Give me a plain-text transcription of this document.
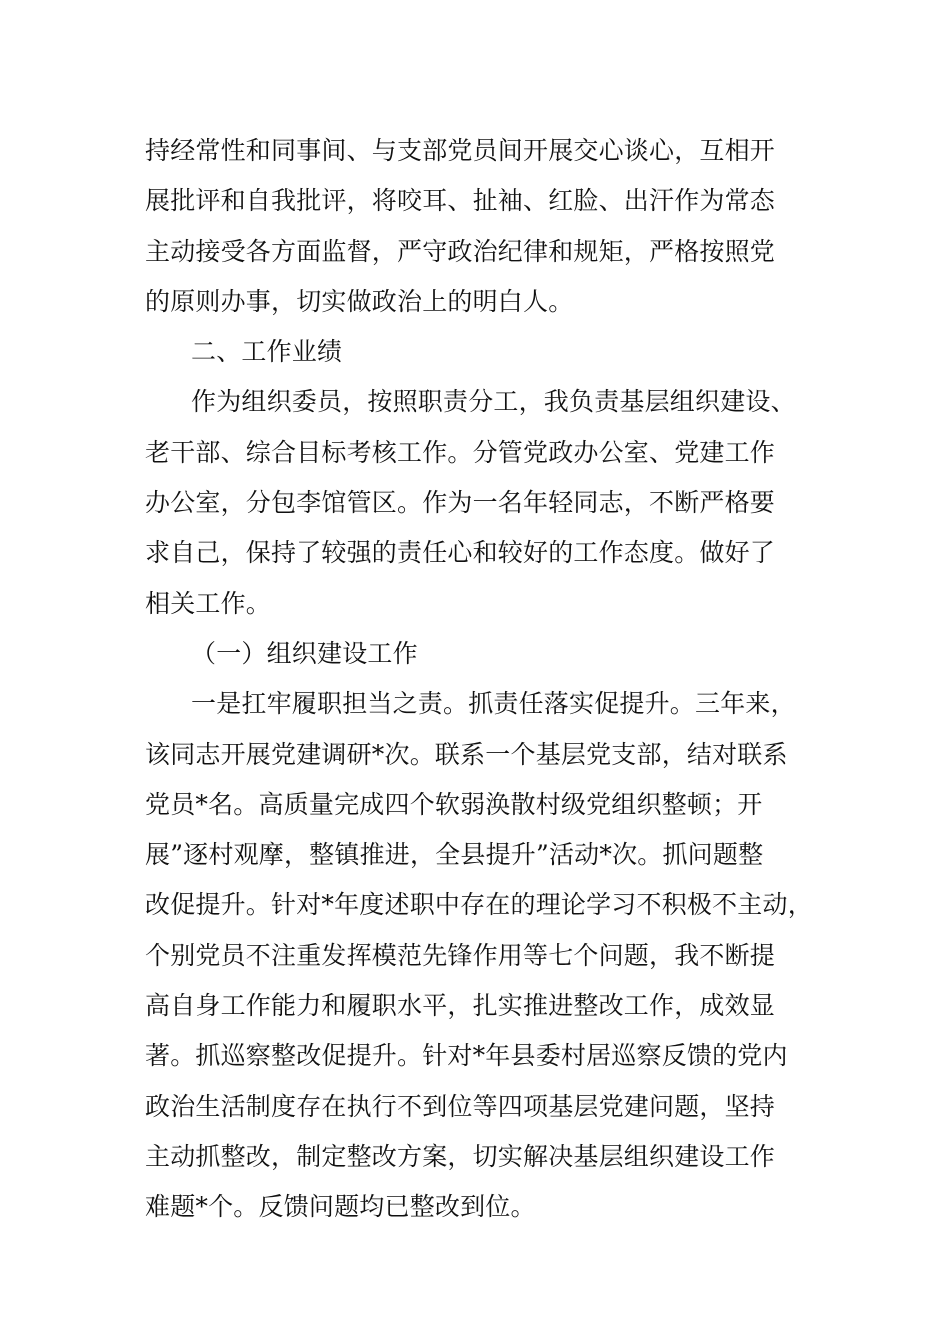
持经常性和同事间、与支部党员间开展交心谈心，互相开
展批评和自我批评，将咬耳、扯袖、红脸、出汗作为常态
主动接受各方面监督，严守政治纪律和规矩，严格按照党
的原则办事，切实做政治上的明白人。
二、工作业绩
作为组织委员，按照职责分工，我负责基层组织建设、
老干部、综合目标考核工作。分管党政办公室、党建工作
办公室，分包李馆管区。作为一名年轻同志，不断严格要
求自己，保持了较强的责任心和较好的工作态度。做好了
相关工作。
（一）组织建设工作
一是扛牢履职担当之责。抓责任落实促提升。三年来，
该同志开展党建调研*次。联系一个基层党支部，结对联系
党员*名。高质量完成四个软弱涣散村级党组织整顿；开
展”逐村观摩，整镇推进，全县提升”活动*次。抓问题整
改促提升。针对*年度述职中存在的理论学习不积极不主动，
个别党员不注重发挥模范先锋作用等七个问题，我不断提
高自身工作能力和履职水平，扎实推进整改工作，成效显
著。抓巡察整改促提升。针对*年县委村居巡察反馈的党内
政治生活制度存在执行不到位等四项基层党建问题，坚持
主动抓整改，制定整改方案，切实解决基层组织建设工作
难题*个。反馈问题均已整改到位。
